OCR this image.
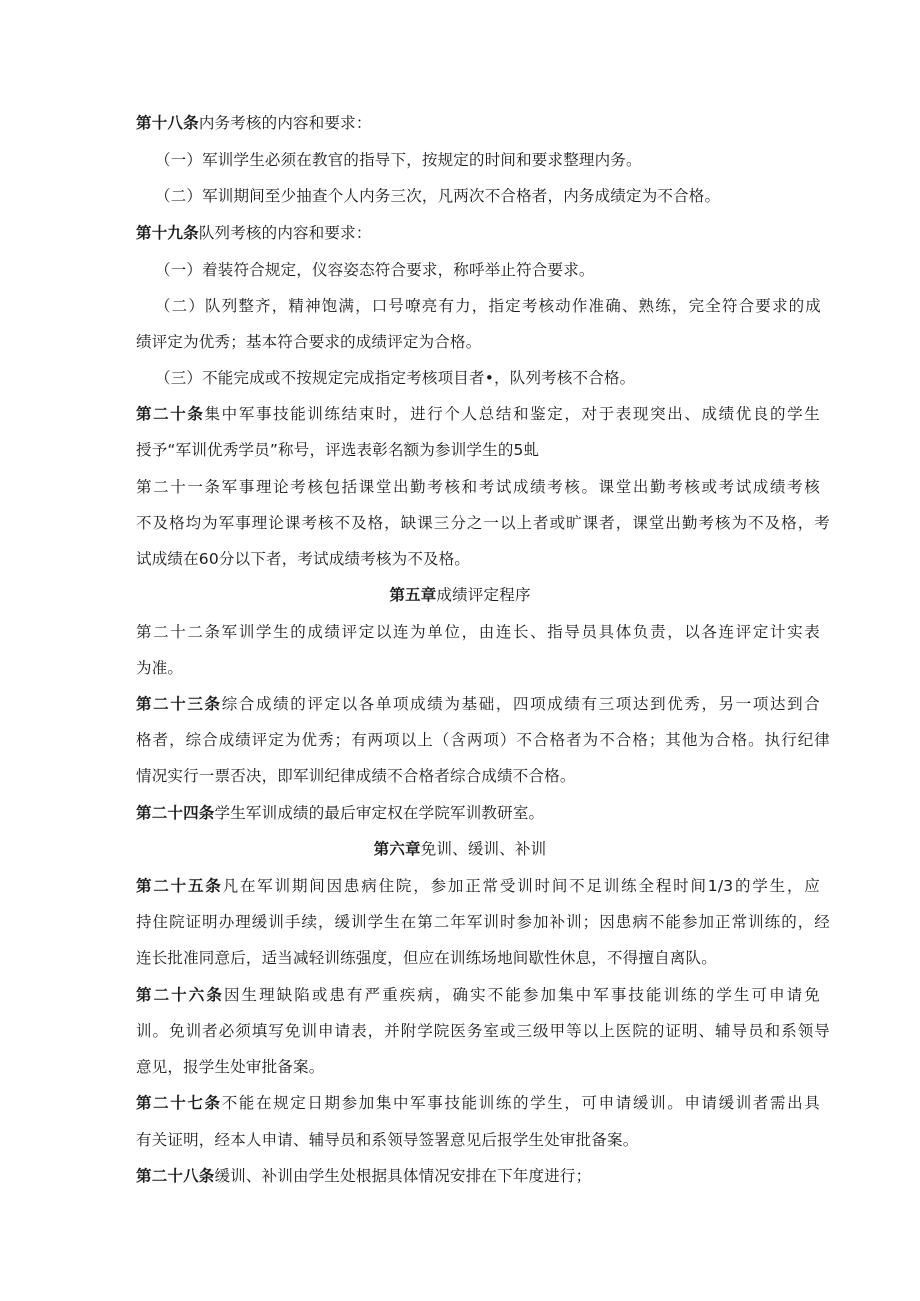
第十八条内务考核的内容和要求：
（一）军训学生必须在教官的指导下，按规定的时间和要求整理内务。
（二）军训期间至少抽查个人内务三次，凡两次不合格者，内务成绩定为不合格。
第十九条队列考核的内容和要求：
（一）着装符合规定，仪容姿态符合要求，称呼举止符合要求。
（二）队列整齐，精神饱满，口号嘹亮有力，指定考核动作准确、熟练，完全符合要求的成
绩评定为优秀；基本符合要求的成绩评定为合格。
（三）不能完成或不按规定完成指定考核项目者•，队列考核不合格。
第二十条集中军事技能训练结束时，进行个人总结和鉴定，对于表现突出、成绩优良的学生
授予“军训优秀学员”称号，评选表彰名额为参训学生的5虬
第二十一条军事理论考核包括课堂出勤考核和考试成绩考核。课堂出勤考核或考试成绩考核
不及格均为军事理论课考核不及格，缺课三分之一以上者或旷课者，课堂出勤考核为不及格，考
试成绩在60分以下者，考试成绩考核为不及格。
第五章成绩评定程序
第二十二条军训学生的成绩评定以连为单位，由连长、指导员具体负责，以各连评定计实表
为准。
第二十三条综合成绩的评定以各单项成绩为基础，四项成绩有三项达到优秀，另一项达到合
格者，综合成绩评定为优秀；有两项以上（含两项）不合格者为不合格；其他为合格。执行纪律
情况实行一票否决，即军训纪律成绩不合格者综合成绩不合格。
第二十四条学生军训成绩的最后审定权在学院军训教研室。
第六章免训、缓训、补训
第二十五条凡在军训期间因患病住院，参加正常受训时间不足训练全程时间1/3的学生，应
持住院证明办理缓训手续，缓训学生在第二年军训时参加补训；因患病不能参加正常训练的，经
连长批准同意后，适当减轻训练强度，但应在训练场地间歇性休息，不得擅自离队。
第二十六条因生理缺陷或患有严重疾病，确实不能参加集中军事技能训练的学生可申请免
训。免训者必须填写免训申请表，并附学院医务室或三级甲等以上医院的证明、辅导员和系领导
意见，报学生处审批备案。
第二十七条不能在规定日期参加集中军事技能训练的学生，可申请缓训。申请缓训者需出具
有关证明，经本人申请、辅导员和系领导签署意见后报学生处审批备案。
第二十八条缓训、补训由学生处根据具体情况安排在下年度进行；
